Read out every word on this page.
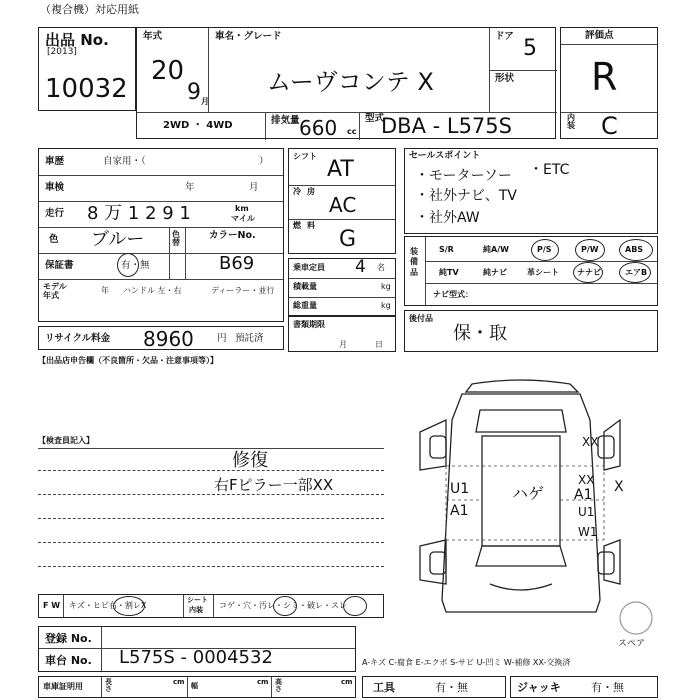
（複合機）対応用紙
出品 No.
[2013]
10032
年式
20
9 月
車名・グレード
ムーヴコンテ X
ドア 5
形状
2WD ・ 4WD	排気量 660 cc
型式
DBA - L575S
評価点
R
内装 C
車歴	自家用・（	）
車検	年	月
走行 8 万 1 2 9 1	km
マイル
色 ブルー	色替
カラーNo.
B69
保証書	有・無
モデル
年式
年 ハンドル 左・右	ディーラー・並行
リサイクル料金 8960 円 預託済
シフト
AT
冷 房
AC
燃 料
G
乗車定員 4 名
積載量	kg
総重量	kg
書類期限
月	日
セールスポイント
・モーターソー ・ETC
・社外ナビ、TV
・社外AW
装備品
S/R	純A/W	P/S	P/W	ABS
純TV	純ナビ	革シート ナナビ	エアB
ナビ型式：
後付品
保・取
【出品店申告欄（不良箇所・欠品・注意事項等）】
【検査員記入】
修復
右Fピラー一部XX	U1
A1
ハゲ
XX
XX
A1
U1
W1
X
F W キズ・ヒビ右・割レX
シート
内装 コゲ・穴・汚レ・シミ・破レ・スレ
登録 No.
車台 No. L575S - 0004532
車庫証明用	長さ
cm 幅	cm 高さ
cm
A-キズ C-腐食 E-エクボ S-サビ U-凹ミ W-補修 XX-交換済
スペア
工具	有・無	ジャッキ	有・無
